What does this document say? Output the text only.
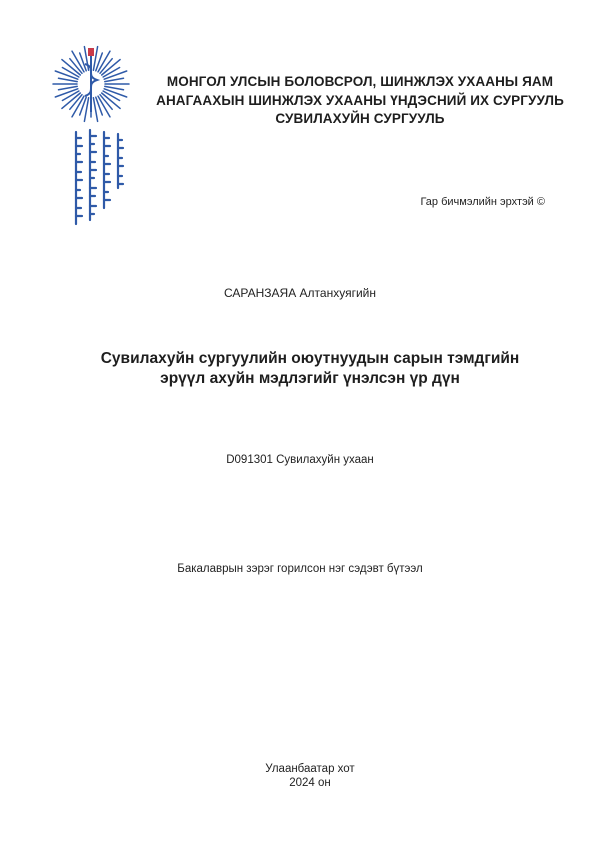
МОНГОЛ УЛСЫН БОЛОВСРОЛ, ШИНЖЛЭХ УХААНЫ ЯАМ
АНАГААХЫН ШИНЖЛЭХ УХААНЫ ҮНДЭСНИЙ ИХ СУРГУУЛЬ
СУВИЛАХУЙН СУРГУУЛЬ
Гар бичмэлийн эрхтэй ©
САРАНЗАЯА Алтанхуягийн
Сувилахуйн сургуулийн оюутнуудын сарын тэмдгийн
эрүүл ахуйн мэдлэгийг үнэлсэн үр дүн
D091301 Сувилахуйн ухаан
Бакалаврын зэрэг горилсон нэг сэдэвт бүтээл
Улаанбаатар хот
2024 он
